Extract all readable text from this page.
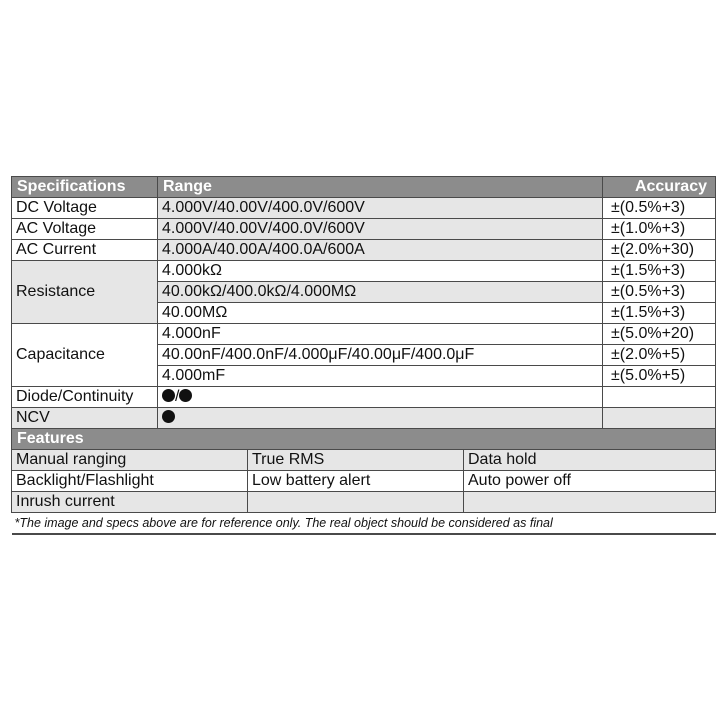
Specifications	Range	Accuracy
DC Voltage	4.000V/40.00V/400.0V/600V	±(0.5%+3)
AC Voltage	4.000V/40.00V/400.0V/600V	±(1.0%+3)
AC Current	4.000A/40.00A/400.0A/600A	±(2.0%+30)
Resistance	4.000kΩ	±(1.5%+3)
	40.00kΩ/400.0kΩ/4.000MΩ	±(0.5%+3)
	40.00MΩ	±(1.5%+3)
Capacitance	4.000nF	±(5.0%+20)
	40.00nF/400.0nF/4.000μF/40.00μF/400.0μF	±(2.0%+5)
	4.000mF	±(5.0%+5)
Diode/Continuity	/	
NCV		
Features		
Manual ranging	True RMS	Data hold
Backlight/Flashlight	Low battery alert	Auto power off
Inrush current		
*The image and specs above are for reference only. The real object should be considered as final		
